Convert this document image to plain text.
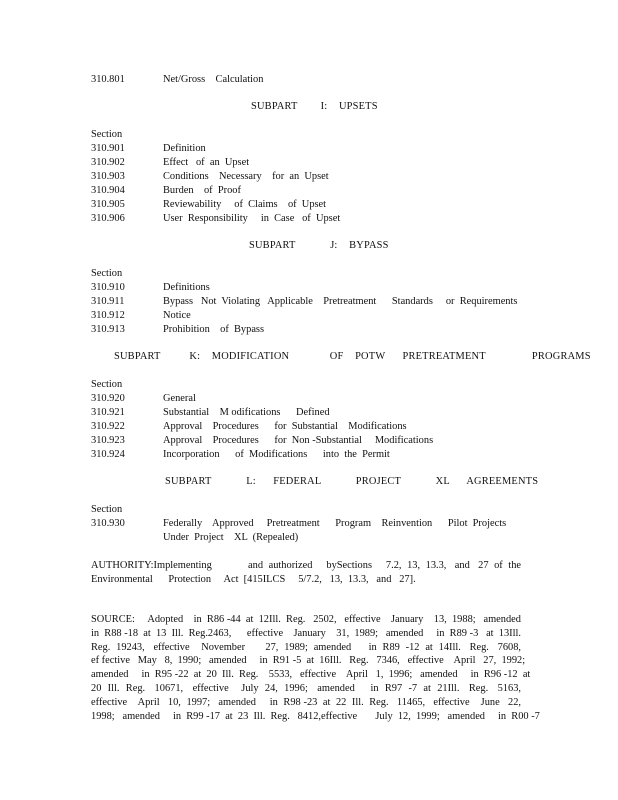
310.801	Net/Gross    Calculation
SUBPART    I:  UPSETS
Section
310.901	Definition
310.902	Effect   of  an  Upset
310.903	Conditions    Necessary    for  an  Upset
310.904	Burden    of  Proof
310.905	Reviewability     of  Claims    of  Upset
310.906	User  Responsibility     in  Case   of  Upset
SUBPART      J:  BYPASS
Section
310.910	Definitions
310.911	Bypass   Not  Violating   Applicable    Pretreatment      Standards     or  Requirements
310.912	Notice
310.913	Prohibition    of  Bypass
SUBPART     K:  MODIFICATION       OF  POTW   PRETREATMENT        PROGRAMS
Section
310.920	General
310.921	Substantial    M odifications      Defined
310.922	Approval    Procedures      for  Substantial    Modifications
310.923	Approval    Procedures      for  Non -Substantial     Modifications
310.924	Incorporation      of  Modifications      into  the  Permit
SUBPART      L:   FEDERAL      PROJECT      XL   AGREEMENTS
Section
310.930	Federally    Approved     Pretreatment      Program    Reinvention      Pilot  Projects
Under  Project    XL  (Repealed)
AUTHORITY:Implementing             and  authorized     bySections     7.2,  13,  13.3,   and   27  of  the
Environmental      Protection     Act  [415ILCS     5/7.2,   13,  13.3,   and   27].
SOURCE:     Adopted    in  R86 -44  at  12Ill.  Reg.   2502,   effective    January    13,  1988;   amended
in  R88 -18  at  13  Ill.  Reg.2463,      effective    January    31,  1989;   amended     in  R89 -3   at  13Ill.
Reg.  19243,   effective    November       27,  1989;  amended      in  R89  -12  at  14Ill.   Reg.   7608,
ef fective   May   8,  1990;   amended     in  R91 -5  at  16Ill.   Reg.   7346,   effective    April   27,  1992;
amended     in  R95 -22  at  20  Ill.  Reg.    5533,   effective    April   1,  1996;   amended     in  R96 -12  at
20  Ill.  Reg.   10671,   effective    July  24,  1996;   amended     in  R97  -7  at  21Ill.   Reg.   5163,
effective    April   10,  1997;   amended     in  R98 -23  at  22  Ill.  Reg.   11465,   effective    June   22,
1998;   amended     in  R99 -17  at  23  Ill.  Reg.   8412,effective       July  12,  1999;   amended     in  R00 -7
